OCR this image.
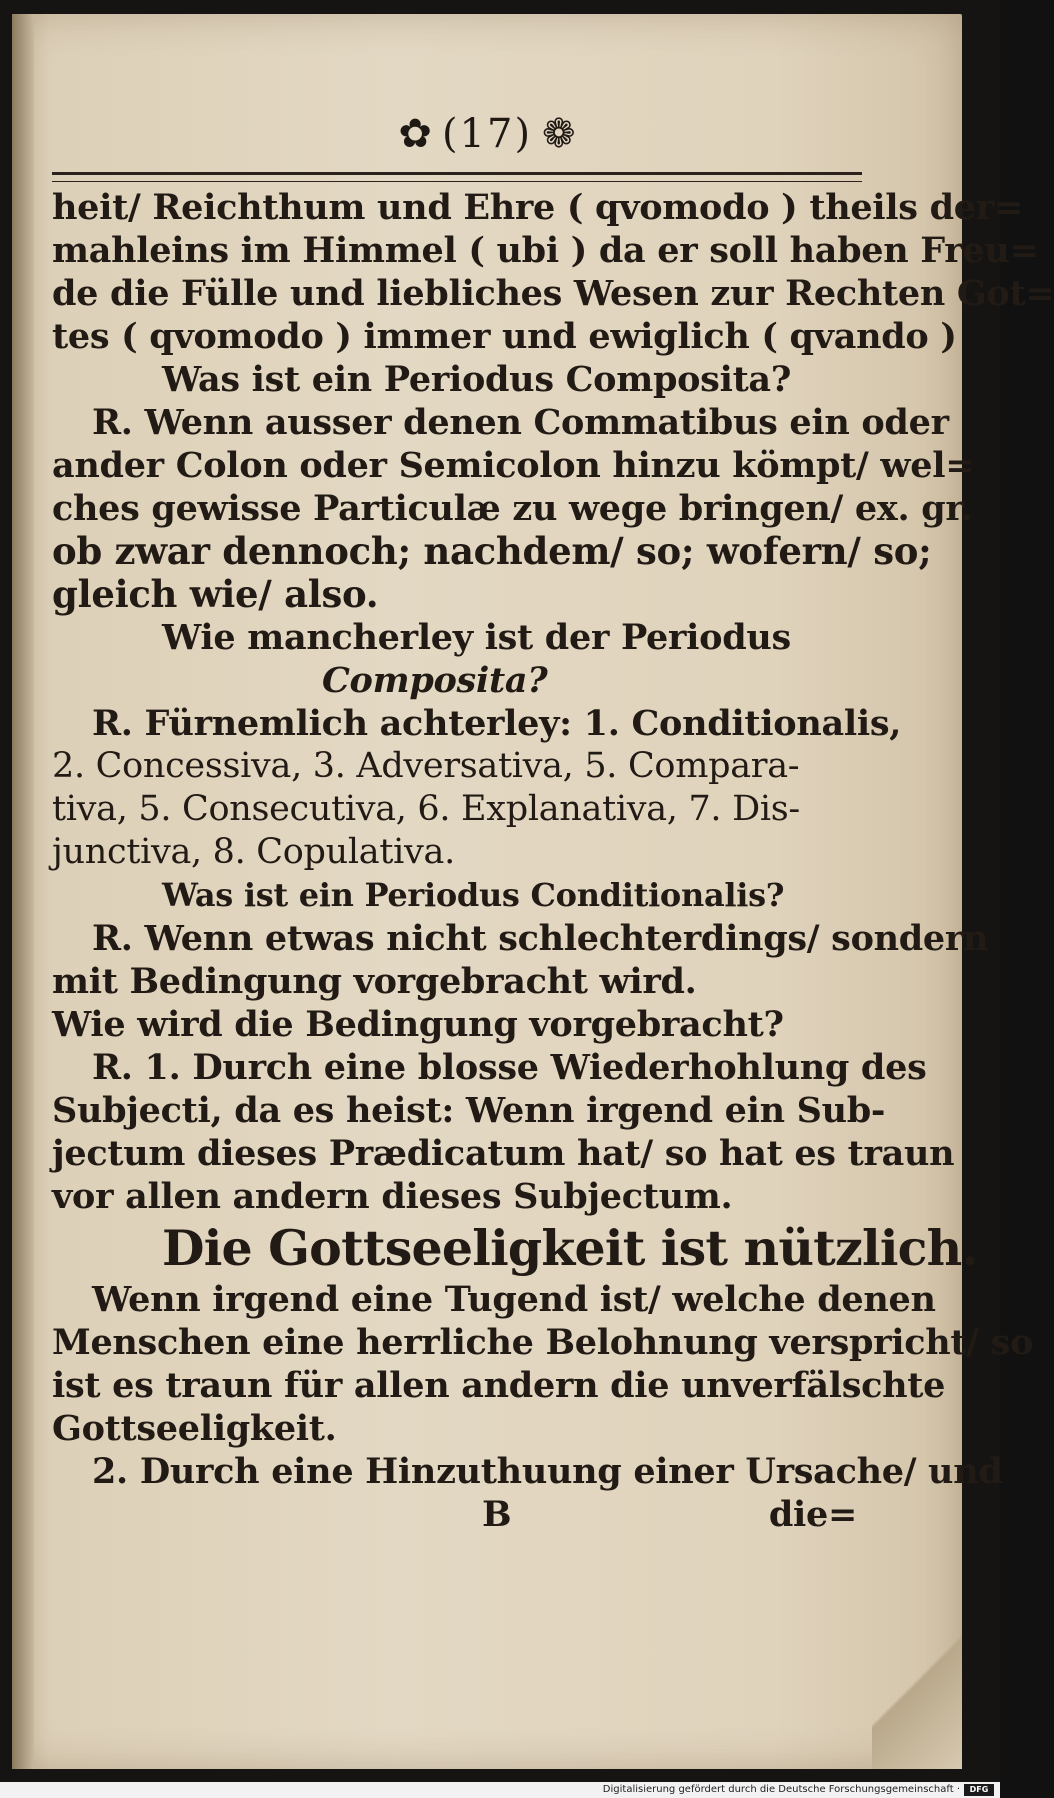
✿ (17) ❁
heit/ Reichthum und Ehre ( qvomodo ) theils der=
mahleins im Himmel ( ubi ) da er soll haben Freu=
de die Fülle und liebliches Wesen zur Rechten Got=
tes ( qvomodo ) immer und ewiglich ( qvando )
Was ist ein Periodus Composita?
R. Wenn ausser denen Commatibus ein oder
ander Colon oder Semicolon hinzu kömpt/ wel=
ches gewisse Particulæ zu wege bringen/ ex. gr.
ob zwar dennoch; nachdem/ so; wofern/ so;
gleich wie/ also.
Wie mancherley ist der Periodus
Composita?
R. Fürnemlich achterley: 1. Conditionalis,
2. Concessiva, 3. Adversativa, 5. Compara-
tiva, 5. Consecutiva, 6. Explanativa, 7. Dis-
junctiva, 8. Copulativa.
Was ist ein Periodus Conditionalis?
R. Wenn etwas nicht schlechterdings/ sondern
mit Bedingung vorgebracht wird.
Wie wird die Bedingung vorgebracht?
R. 1. Durch eine blosse Wiederhohlung des
Subjecti, da es heist: Wenn irgend ein Sub-
jectum dieses Prædicatum hat/ so hat es traun
vor allen andern dieses Subjectum.
Die Gottseeligkeit ist nützlich.
Wenn irgend eine Tugend ist/ welche denen
Menschen eine herrliche Belohnung verspricht/ so
ist es traun für allen andern die unverfälschte
Gottseeligkeit.
2. Durch eine Hinzuthuung einer Ursache/ und
B	die=
Digitalisierung gefördert durch die Deutsche Forschungsgemeinschaft ·	DFG
